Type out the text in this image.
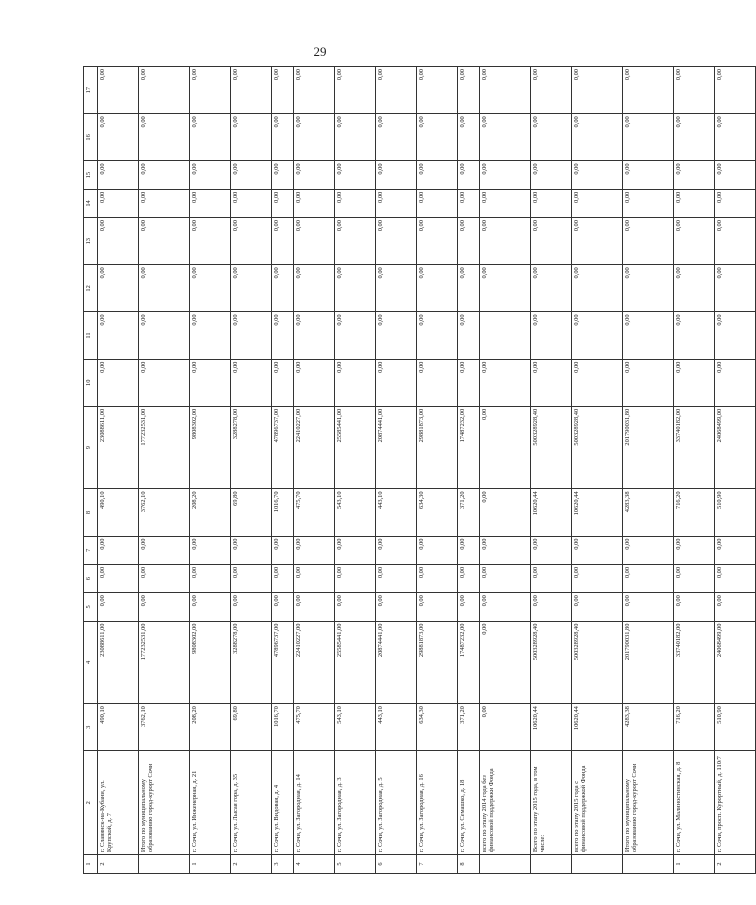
29
1	2	3	4	5	6	7	8	9	10	11	12	13	14	15	16	17
2	г. Славянск-на-Кубани, ул. Крупской, д. 7	490,10	23088611,00	0,00	0,00	0,00	490,10	23088611,00	0,00	0,00	0,00	0,00	0,00	0,00	0,00	0,00
	Итого по муниципальному образованию город-курорт Сочи	3762,10	177232531,00	0,00	0,00	0,00	3762,10	177232531,00	0,00	0,00	0,00	0,00	0,00	0,00	0,00	0,00
1	г. Сочи, ул. Инженерная, д. 21	208,20	9808302,00	0,00	0,00	0,00	208,20	9808302,00	0,00	0,00	0,00	0,00	0,00	0,00	0,00	0,00
2	г. Сочи, ул. Лысая гора, д. 35	69,80	3288278,00	0,00	0,00	0,00	69,80	3288278,00	0,00	0,00	0,00	0,00	0,00	0,00	0,00	0,00
3	г. Сочи, ул. Видовая, д. 4	1016,70	47896737,00	0,00	0,00	0,00	1016,70	47896737,00	0,00	0,00	0,00	0,00	0,00	0,00	0,00	0,00
4	г. Сочи, ул. Загородная, д. 14	475,70	22410227,00	0,00	0,00	0,00	475,70	22410227,00	0,00	0,00	0,00	0,00	0,00	0,00	0,00	0,00
5	г. Сочи, ул. Загородная, д. 3	543,10	25585441,00	0,00	0,00	0,00	543,10	25585441,00	0,00	0,00	0,00	0,00	0,00	0,00	0,00	0,00
6	г. Сочи, ул. Загородная, д. 5	443,10	20874441,00	0,00	0,00	0,00	443,10	20874441,00	0,00	0,00	0,00	0,00	0,00	0,00	0,00	0,00
7	г. Сочи, ул. Загородная, д. 16	634,30	29881873,00	0,00	0,00	0,00	634,30	29881873,00	0,00	0,00	0,00	0,00	0,00	0,00	0,00	0,00
8	г. Сочи, ул. Семашко, д. 18	371,20	17487232,00	0,00	0,00	0,00	371,20	17487232,00	0,00	0,00	0,00	0,00	0,00	0,00	0,00	0,00
	всего по этапу 2014 года без финансовой поддержки Фонда	0,00	0,00	0,00	0,00	0,00	0,00	0,00	0,00		0,00	0,00	0,00	0,00	0,00	0,00
	Всего по этапу 2015 года, в том числе:	10620,44	500328928,40	0,00	0,00	0,00	10620,44	500328928,40	0,00	0,00	0,00	0,00	0,00	0,00	0,00	0,00
	всего по этапу 2015 года с финансовой поддержкой Фонда	10620,44	500328928,40	0,00	0,00	0,00	10620,44	500328928,40	0,00	0,00	0,00	0,00	0,00	0,00	0,00	0,00
	Итого по муниципальному образованию город-курорт Сочи	4283,38	201790031,80	0,00	0,00	0,00	4283,38	201790031,80	0,00	0,00	0,00	0,00	0,00	0,00	0,00	0,00
1	г. Сочи, ул. Малиностинская, д. 8	716,20	33740182,00	0,00	0,00	0,00	716,20	33740182,00	0,00	0,00	0,00	0,00	0,00	0,00	0,00	0,00
2	г. Сочи, просп. Курортный, д. 110/7	510,90	24068499,00	0,00	0,00	0,00	510,90	24068499,00	0,00	0,00	0,00	0,00	0,00	0,00	0,00	0,00
